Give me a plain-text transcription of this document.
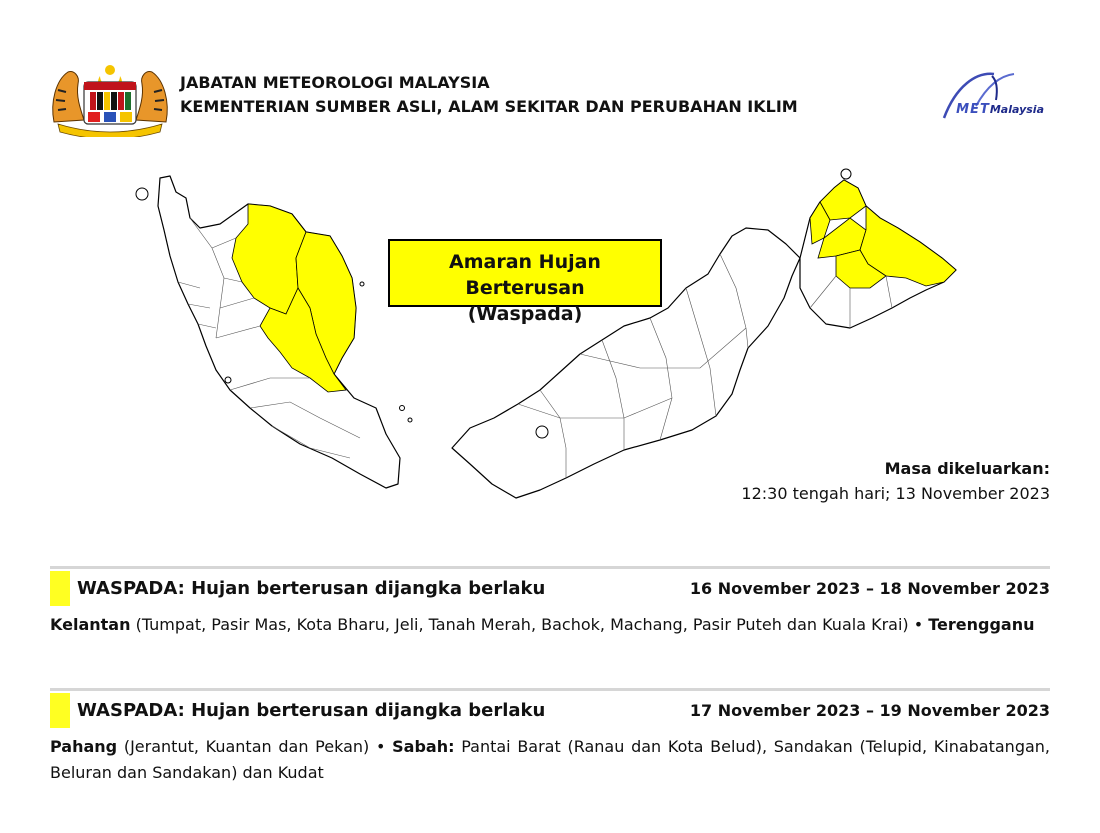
JABATAN METEOROLOGI MALAYSIA
KEMENTERIAN SUMBER ASLI, ALAM SEKITAR DAN PERUBAHAN IKLIM	METMalaysia
Amaran Hujan Berterusan
(Waspada)
Masa dikeluarkan:
12:30 tengah hari; 13 November 2023
WASPADA: Hujan berterusan dijangka berlaku	16 November 2023 – 18 November 2023
Kelantan (Tumpat, Pasir Mas, Kota Bharu, Jeli, Tanah Merah, Bachok, Machang, Pasir Puteh dan Kuala Krai) • Terengganu
WASPADA: Hujan berterusan dijangka berlaku	17 November 2023 – 19 November 2023
Pahang (Jerantut, Kuantan dan Pekan) • Sabah: Pantai Barat (Ranau dan Kota Belud), Sandakan (Telupid, Kinabatangan, Beluran dan Sandakan) dan Kudat
